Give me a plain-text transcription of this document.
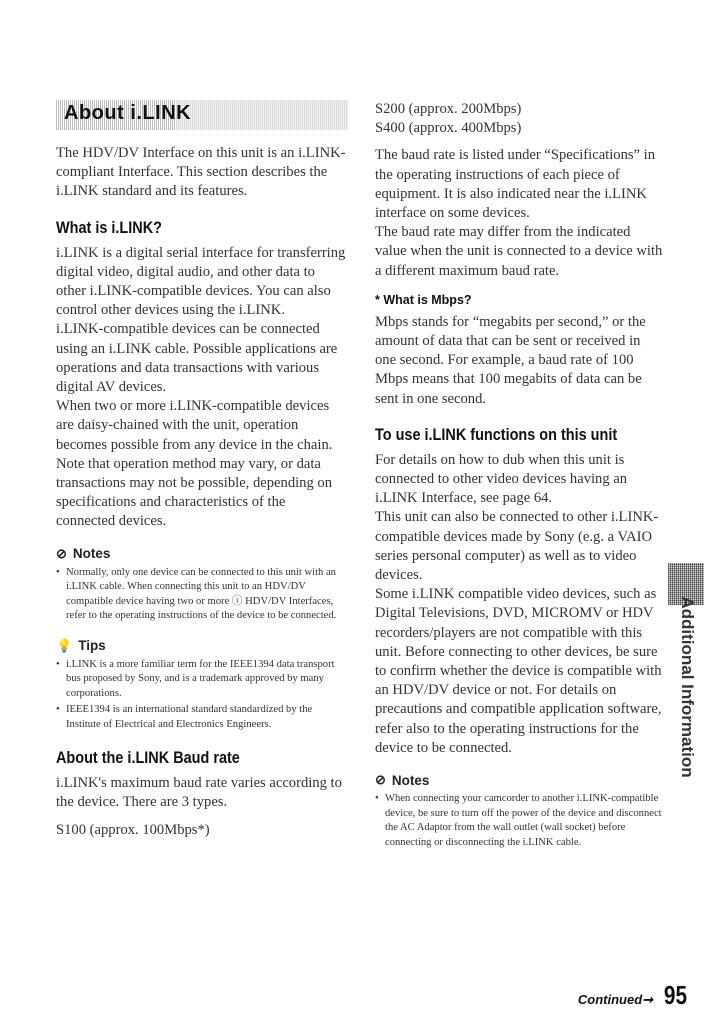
About i.LINK

The HDV/DV Interface on this unit is an i.LINK-compliant Interface. This section describes the i.LINK standard and its features.

What is i.LINK?

i.LINK is a digital serial interface for transferring digital video, digital audio, and other data to other i.LINK-compatible devices. You can also control other devices using the i.LINK.

i.LINK-compatible devices can be connected using an i.LINK cable. Possible applications are operations and data transactions with various digital AV devices.

When two or more i.LINK-compatible devices are daisy-chained with the unit, operation becomes possible from any device in the chain. Note that operation method may vary, or data transactions may not be possible, depending on specifications and characteristics of the connected devices.

⊘ Notes
• Normally, only one device can be connected to this unit with an i.LINK cable. When connecting this unit to an HDV/DV compatible device having two or more ⓘ HDV/DV Interfaces, refer to the operating instructions of the device to be connected.
💡 Tips
• i.LINK is a more familiar term for the IEEE1394 data transport bus proposed by Sony, and is a trademark approved by many corporations.
• IEEE1394 is an international standard standardized by the Institute of Electrical and Electronics Engineers.
About the i.LINK Baud rate

i.LINK's maximum baud rate varies according to the device. There are 3 types.

S100 (approx. 100Mbps*)

S200 (approx. 200Mbps)

S400 (approx. 400Mbps)

The baud rate is listed under “Specifications” in the operating instructions of each piece of equipment. It is also indicated near the i.LINK interface on some devices.

The baud rate may differ from the indicated value when the unit is connected to a device with a different maximum baud rate.

* What is Mbps?

Mbps stands for “megabits per second,” or the amount of data that can be sent or received in one second. For example, a baud rate of 100 Mbps means that 100 megabits of data can be sent in one second.

To use i.LINK functions on this unit

For details on how to dub when this unit is connected to other video devices having an i.LINK Interface, see page 64.

This unit can also be connected to other i.LINK-compatible devices made by Sony (e.g. a VAIO series personal computer) as well as to video devices.

Some i.LINK compatible video devices, such as Digital Televisions, DVD, MICROMV or HDV recorders/players are not compatible with this unit. Before connecting to other devices, be sure to confirm whether the device is compatible with an HDV/DV device or not. For details on precautions and compatible application software, refer also to the operating instructions for the device to be connected.

⊘ Notes
• When connecting your camcorder to another i.LINK-compatible device, be sure to turn off the power of the device and disconnect the AC Adaptor from the wall outlet (wall socket) before connecting or disconnecting the i.LINK cable.
Additional Information
Continued➞ 95
